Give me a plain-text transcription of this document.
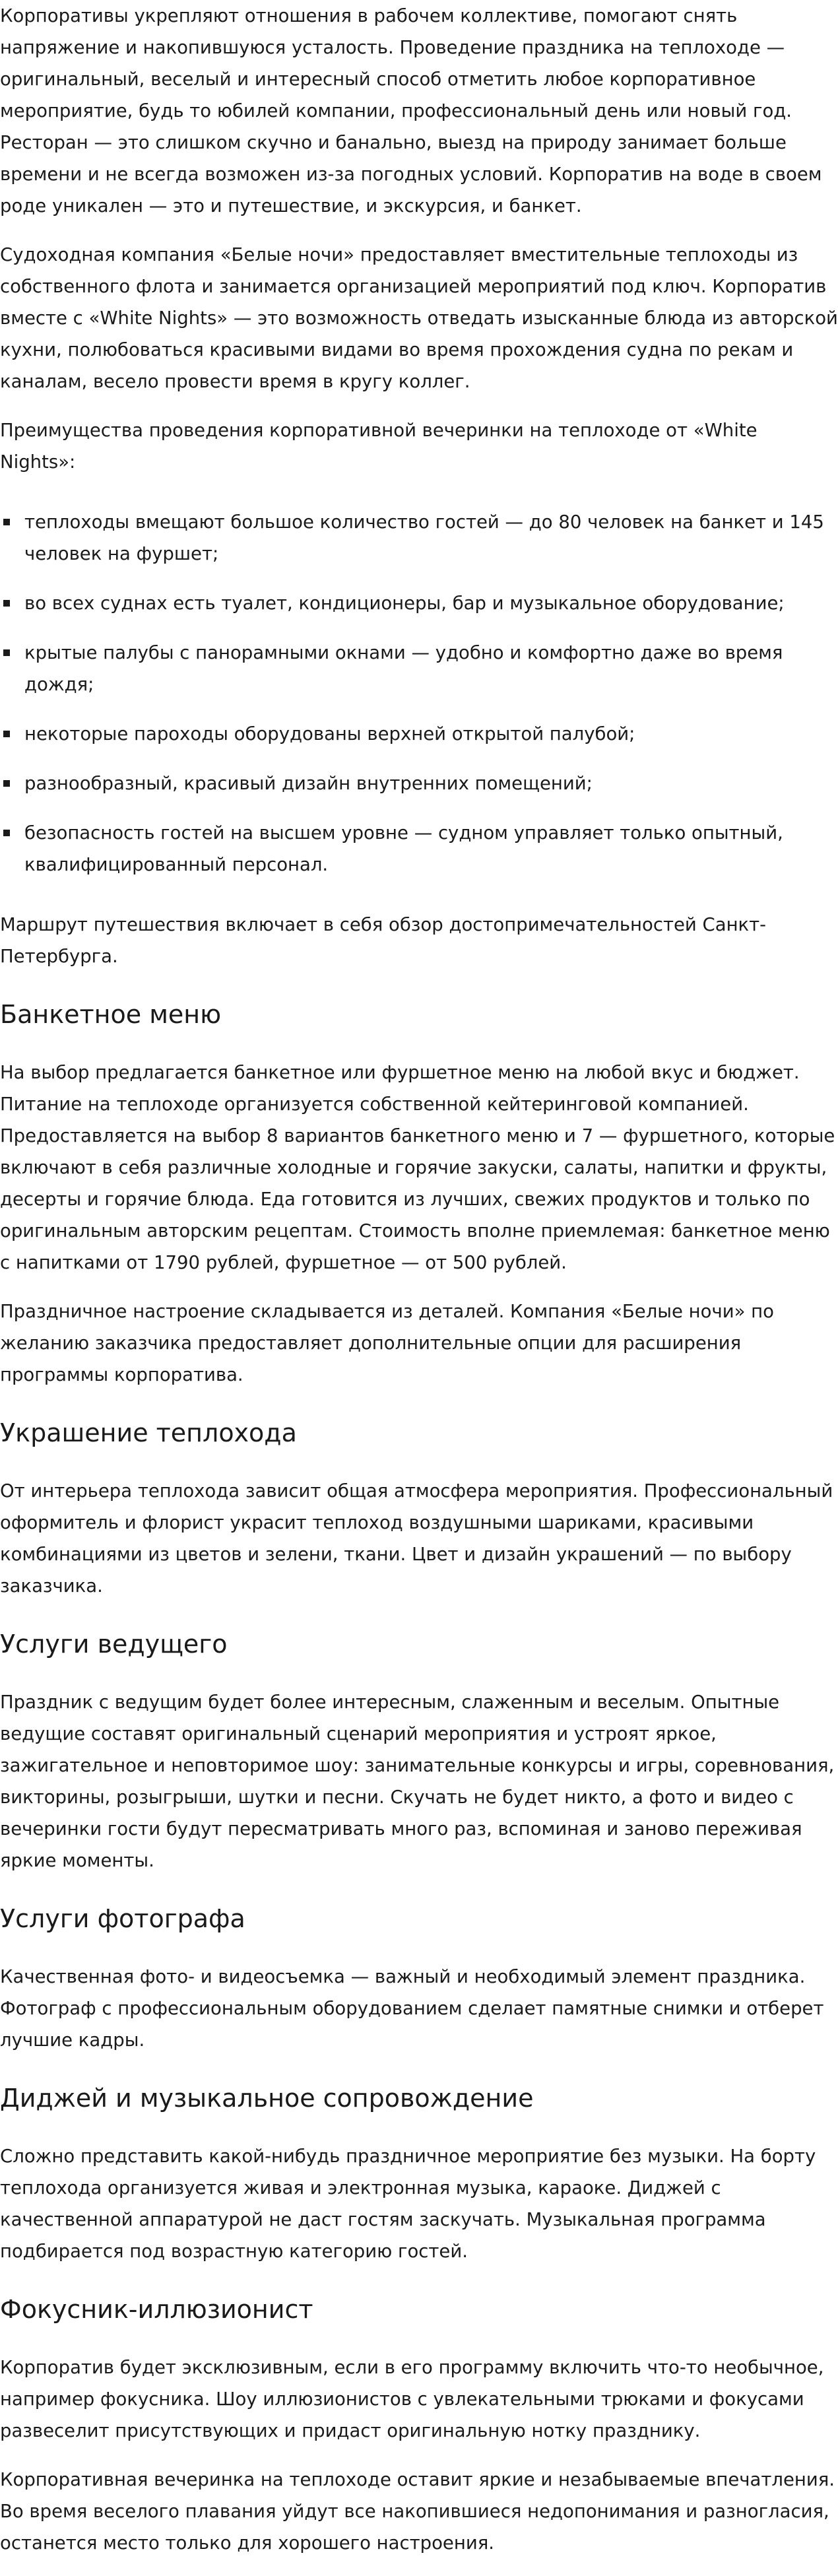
Корпоративы укрепляют отношения в рабочем коллективе, помогают снять напряжение и накопившуюся усталость. Проведение праздника на теплоходе — оригинальный, веселый и интересный способ отметить любое корпоративное мероприятие, будь то юбилей компании, профессиональный день или новый год. Ресторан — это слишком скучно и банально, выезд на природу занимает больше времени и не всегда возможен из-за погодных условий. Корпоратив на воде в своем роде уникален — это и путешествие, и экскурсия, и банкет.

Судоходная компания «Белые ночи» предоставляет вместительные теплоходы из собственного флота и занимается организацией мероприятий под ключ. Корпоратив вместе с «White Nights» — это возможность отведать изысканные блюда из авторской кухни, полюбоваться красивыми видами во время прохождения судна по рекам и каналам, весело провести время в кругу коллег.

Преимущества проведения корпоративной вечеринки на теплоходе от «White Nights»:

теплоходы вмещают большое количество гостей — до 80 человек на банкет и 145 человек на фуршет;
во всех суднах есть туалет, кондиционеры, бар и музыкальное оборудование;
крытые палубы с панорамными окнами — удобно и комфортно даже во время дождя;
некоторые пароходы оборудованы верхней открытой палубой;
разнообразный, красивый дизайн внутренних помещений;
безопасность гостей на высшем уровне — судном управляет только опытный, квалифицированный персонал.

Маршрут путешествия включает в себя обзор достопримечательностей Санкт-Петербурга.

Банкетное меню

На выбор предлагается банкетное или фуршетное меню на любой вкус и бюджет. Питание на теплоходе организуется собственной кейтеринговой компанией. Предоставляется на выбор 8 вариантов банкетного меню и 7 — фуршетного, которые включают в себя различные холодные и горячие закуски, салаты, напитки и фрукты, десерты и горячие блюда. Еда готовится из лучших, свежих продуктов и только по оригинальным авторским рецептам. Стоимость вполне приемлемая: банкетное меню с напитками от 1790 рублей, фуршетное — от 500 рублей.

Праздничное настроение складывается из деталей. Компания «Белые ночи» по желанию заказчика предоставляет дополнительные опции для расширения программы корпоратива.

Украшение теплохода

От интерьера теплохода зависит общая атмосфера мероприятия. Профессиональный оформитель и флорист украсит теплоход воздушными шариками, красивыми комбинациями из цветов и зелени, ткани. Цвет и дизайн украшений — по выбору заказчика.

Услуги ведущего

Праздник с ведущим будет более интересным, слаженным и веселым. Опытные ведущие составят оригинальный сценарий мероприятия и устроят яркое, зажигательное и неповторимое шоу: занимательные конкурсы и игры, соревнования, викторины, розыгрыши, шутки и песни. Скучать не будет никто, а фото и видео с вечеринки гости будут пересматривать много раз, вспоминая и заново переживая яркие моменты.

Услуги фотографа

Качественная фото- и видеосъемка — важный и необходимый элемент праздника. Фотограф с профессиональным оборудованием сделает памятные снимки и отберет лучшие кадры.

Диджей и музыкальное сопровождение

Сложно представить какой-нибудь праздничное мероприятие без музыки. На борту теплохода организуется живая и электронная музыка, караоке. Диджей с качественной аппаратурой не даст гостям заскучать. Музыкальная программа подбирается под возрастную категорию гостей.

Фокусник-иллюзионист

Корпоратив будет эксклюзивным, если в его программу включить что-то необычное, например фокусника. Шоу иллюзионистов с увлекательными трюками и фокусами развеселит присутствующих и придаст оригинальную нотку празднику.

Корпоративная вечеринка на теплоходе оставит яркие и незабываемые впечатления. Во время веселого плавания уйдут все накопившиеся недопонимания и разногласия, останется место только для хорошего настроения.
